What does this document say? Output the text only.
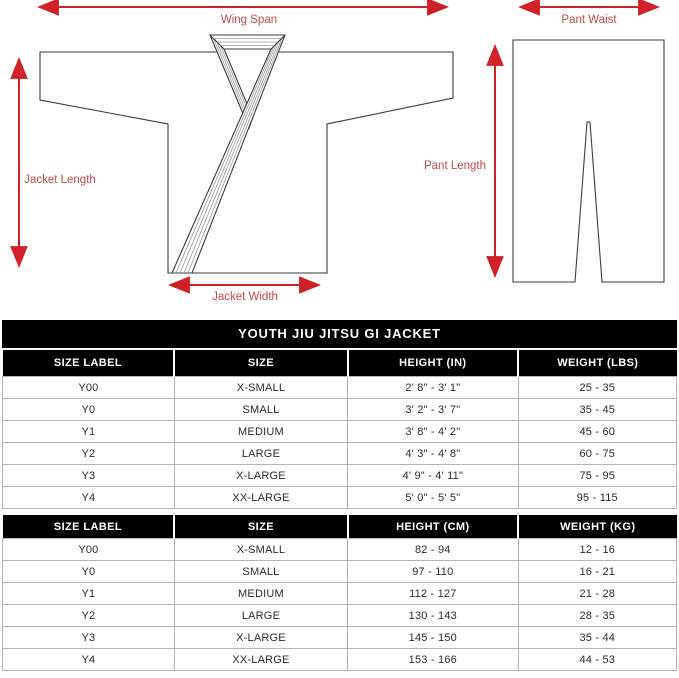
Wing Span	Pant Waist
Jacket Length
Jacket Width
Pant Length
YOUTH JIU JITSU GI JACKET
SIZE LABEL	SIZE	HEIGHT (IN)	WEIGHT (LBS)
Y00	X-SMALL	2' 8" - 3' 1"	25 - 35
Y0	SMALL	3' 2" - 3' 7"	35 - 45
Y1	MEDIUM	3' 8" - 4' 2"	45 - 60
Y2	LARGE	4' 3" - 4' 8"	60 - 75
Y3	X-LARGE	4' 9" - 4' 11"	75 - 95
Y4	XX-LARGE	5' 0" - 5' 5"	95 - 115
SIZE LABEL	SIZE	HEIGHT (CM)	WEIGHT (KG)
Y00	X-SMALL	82 - 94	12 - 16
Y0	SMALL	97 - 110	16 - 21
Y1	MEDIUM	112 - 127	21 - 28
Y2	LARGE	130 - 143	28 - 35
Y3	X-LARGE	145 - 150	35 - 44
Y4	XX-LARGE	153 - 166	44 - 53
